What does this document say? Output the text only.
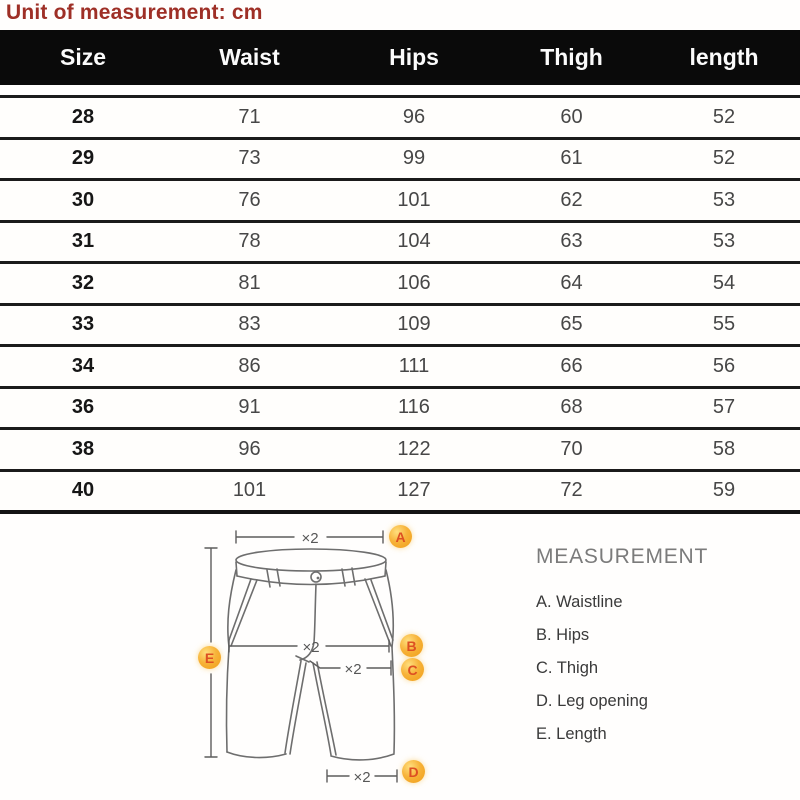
Unit of measurement: cm
Size	Waist	Hips	Thigh	length
28	71	96	60	52
29	73	99	61	52
30	76	101	62	53
31	78	104	63	53
32	81	106	64	54
33	83	109	65	55
34	86	111	66	56
36	91	116	68	57
38	96	122	70	58
40	101	127	72	59
×2
×2
×2
×2
A
B
C
D
E
MEASUREMENT
A. Waistline
B. Hips
C. Thigh
D. Leg opening
E. Length
